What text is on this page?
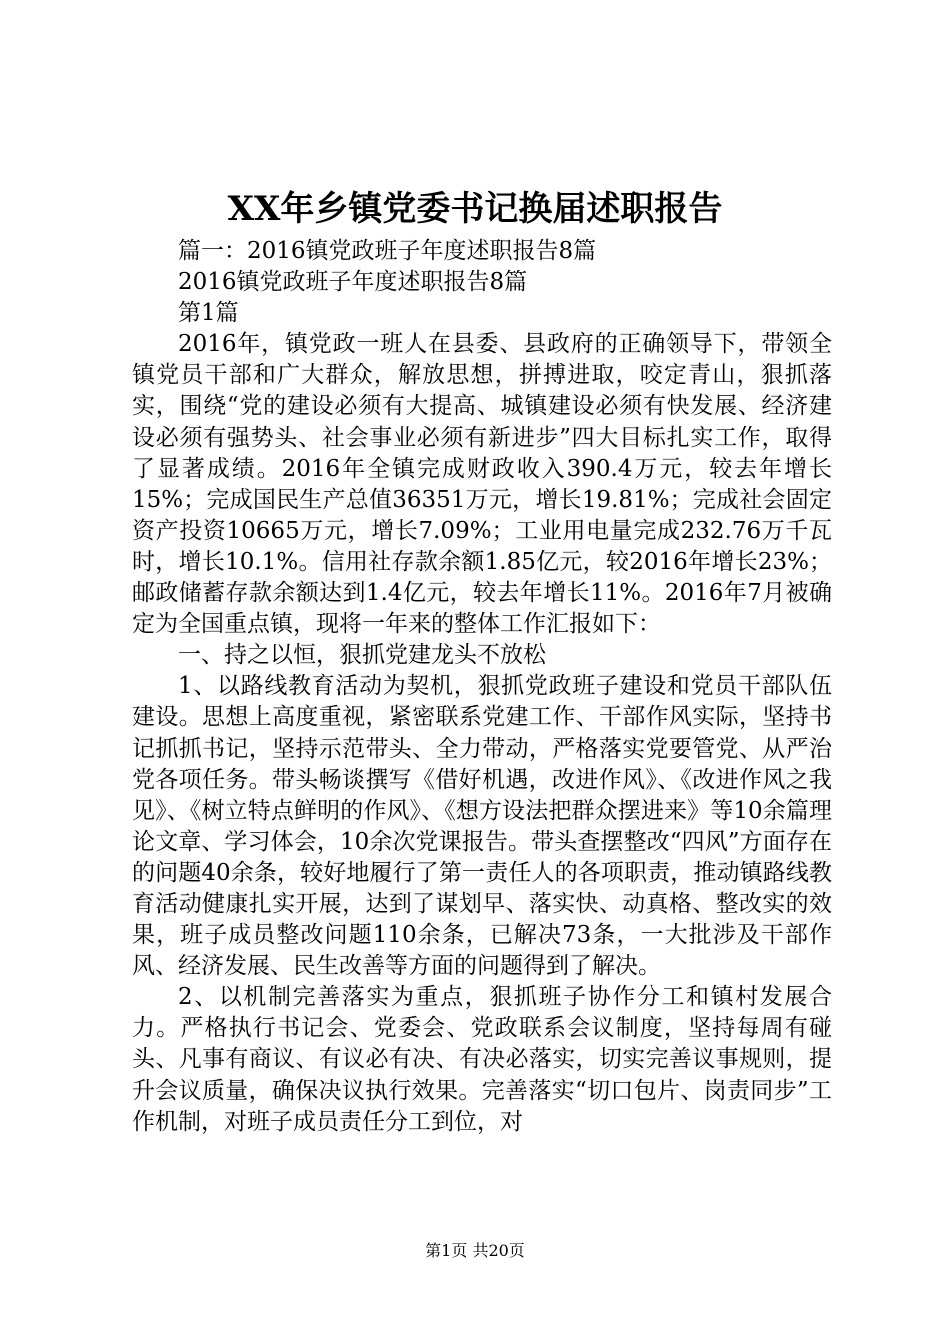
XX年乡镇党委书记换届述职报告

篇一：2016镇党政班子年度述职报告8篇

2016镇党政班子年度述职报告8篇

第1篇

2016年，镇党政一班人在县委、县政府的正确领导下，带领全镇党员干部和广大群众，解放思想，拼搏进取，咬定青山，狠抓落实，围绕“党的建设必须有大提高、城镇建设必须有快发展、经济建设必须有强势头、社会事业必须有新进步”四大目标扎实工作，取得了显著成绩。2016年全镇完成财政收入390.4万元，较去年增长15%；完成国民生产总值36351万元，增长19.81%；完成社会固定资产投资10665万元，增长7.09%；工业用电量完成232.76万千瓦时，增长10.1%。信用社存款余额1.85亿元，较2016年增长23%；邮政储蓄存款余额达到1.4亿元，较去年增长11%。2016年7月被确定为全国重点镇，现将一年来的整体工作汇报如下：

一、持之以恒，狠抓党建龙头不放松

1、以路线教育活动为契机，狠抓党政班子建设和党员干部队伍建设。思想上高度重视，紧密联系党建工作、干部作风实际，坚持书记抓抓书记，坚持示范带头、全力带动，严格落实党要管党、从严治党各项任务。带头畅谈撰写《借好机遇，改进作风》、《改进作风之我见》、《树立特点鲜明的作风》、《想方设法把群众摆进来》等10余篇理论文章、学习体会，10余次党课报告。带头查摆整改“四风”方面存在的问题40余条，较好地履行了第一责任人的各项职责，推动镇路线教育活动健康扎实开展，达到了谋划早、落实快、动真格、整改实的效果，班子成员整改问题110余条，已解决73条，一大批涉及干部作风、经济发展、民生改善等方面的问题得到了解决。

2、以机制完善落实为重点，狠抓班子协作分工和镇村发展合力。严格执行书记会、党委会、党政联系会议制度，坚持每周有碰头、凡事有商议、有议必有决、有决必落实，切实完善议事规则，提升会议质量，确保决议执行效果。完善落实“切口包片、岗责同步”工作机制，对班子成员责任分工到位，对

第1页 共20页
